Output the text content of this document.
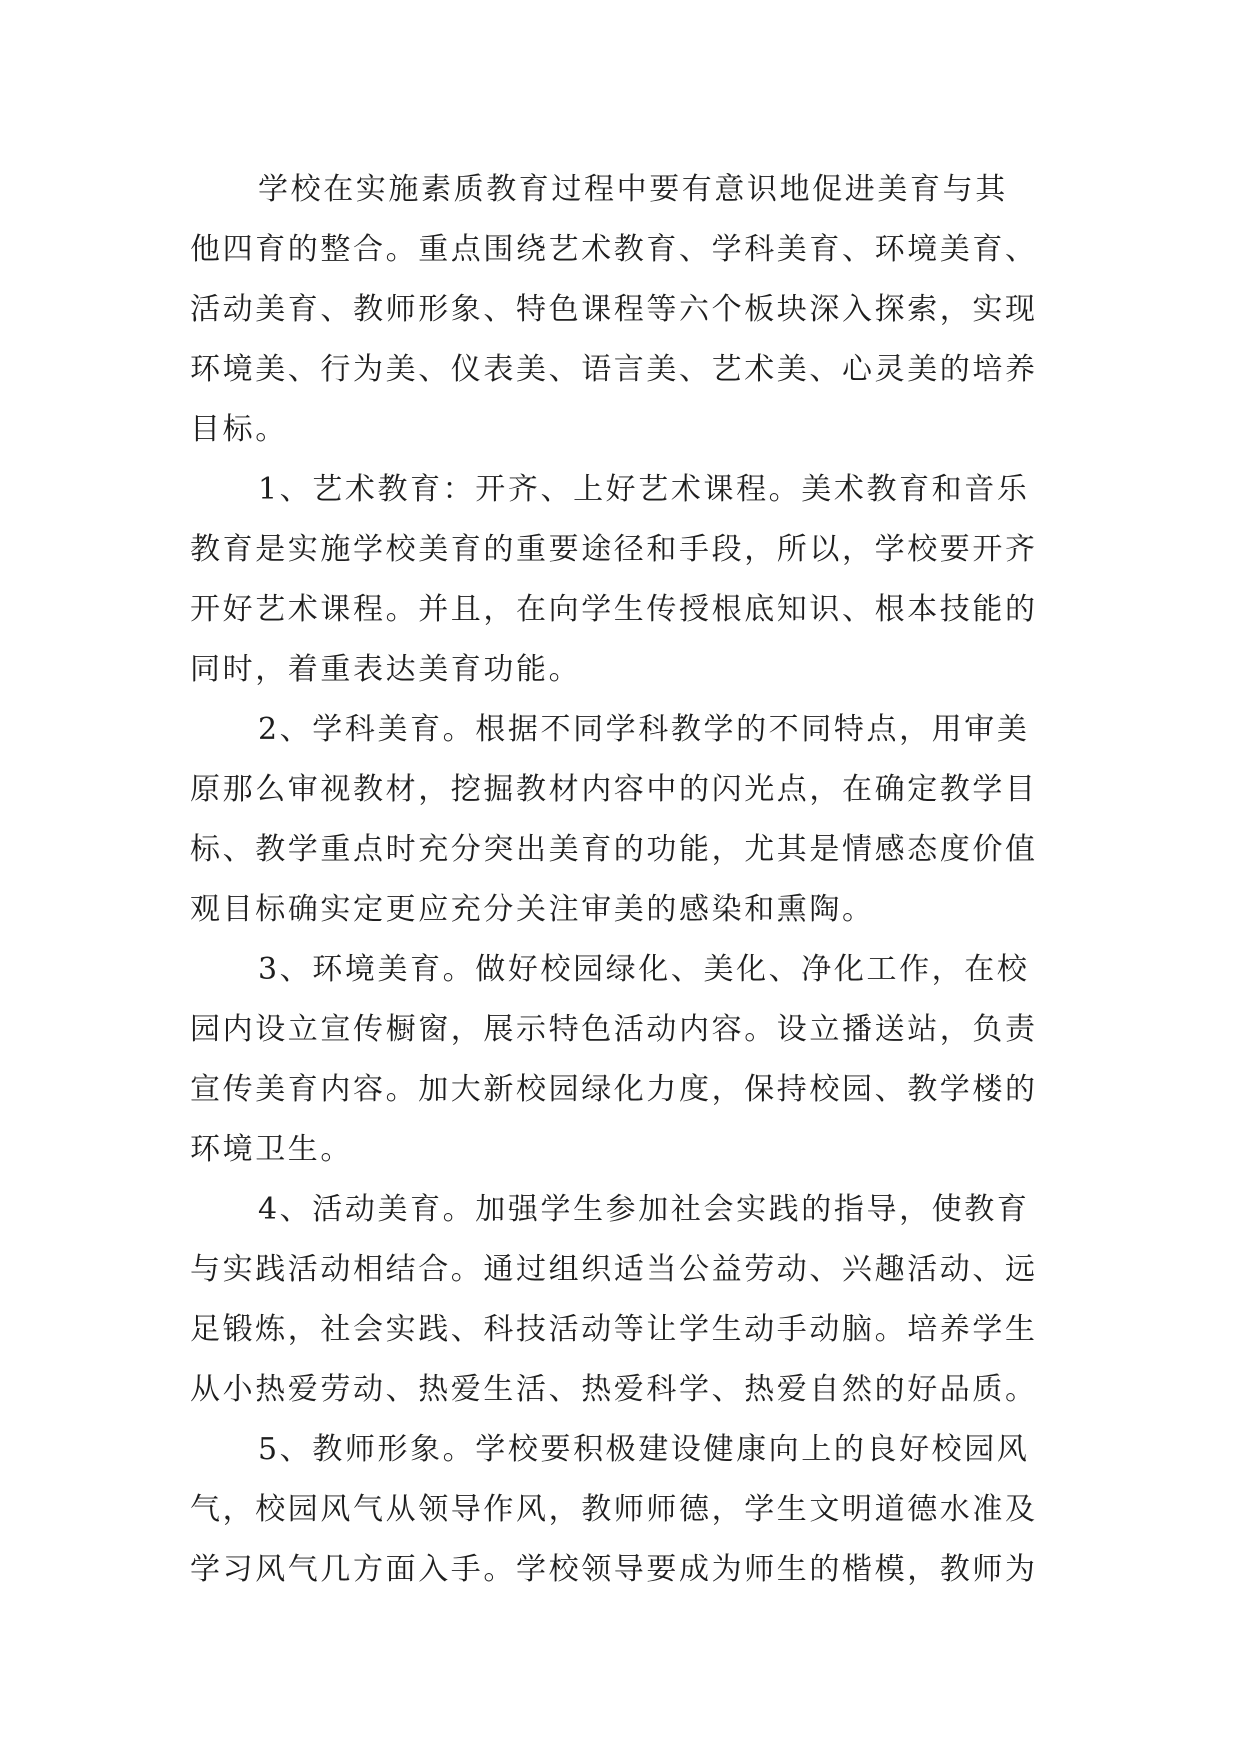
学校在实施素质教育过程中要有意识地促进美育与其
他四育的整合。重点围绕艺术教育、学科美育、环境美育、
活动美育、教师形象、特色课程等六个板块深入探索，实现
环境美、行为美、仪表美、语言美、艺术美、心灵美的培养
目标。
1、艺术教育：开齐、上好艺术课程。美术教育和音乐
教育是实施学校美育的重要途径和手段，所以，学校要开齐
开好艺术课程。并且，在向学生传授根底知识、根本技能的
同时，着重表达美育功能。
2、学科美育。根据不同学科教学的不同特点，用审美
原那么审视教材，挖掘教材内容中的闪光点，在确定教学目
标、教学重点时充分突出美育的功能，尤其是情感态度价值
观目标确实定更应充分关注审美的感染和熏陶。
3、环境美育。做好校园绿化、美化、净化工作，在校
园内设立宣传橱窗，展示特色活动内容。设立播送站，负责
宣传美育内容。加大新校园绿化力度，保持校园、教学楼的
环境卫生。
4、活动美育。加强学生参加社会实践的指导，使教育
与实践活动相结合。通过组织适当公益劳动、兴趣活动、远
足锻炼，社会实践、科技活动等让学生动手动脑。培养学生
从小热爱劳动、热爱生活、热爱科学、热爱自然的好品质。
5、教师形象。学校要积极建设健康向上的良好校园风
气，校园风气从领导作风，教师师德，学生文明道德水准及
学习风气几方面入手。学校领导要成为师生的楷模，教师为
